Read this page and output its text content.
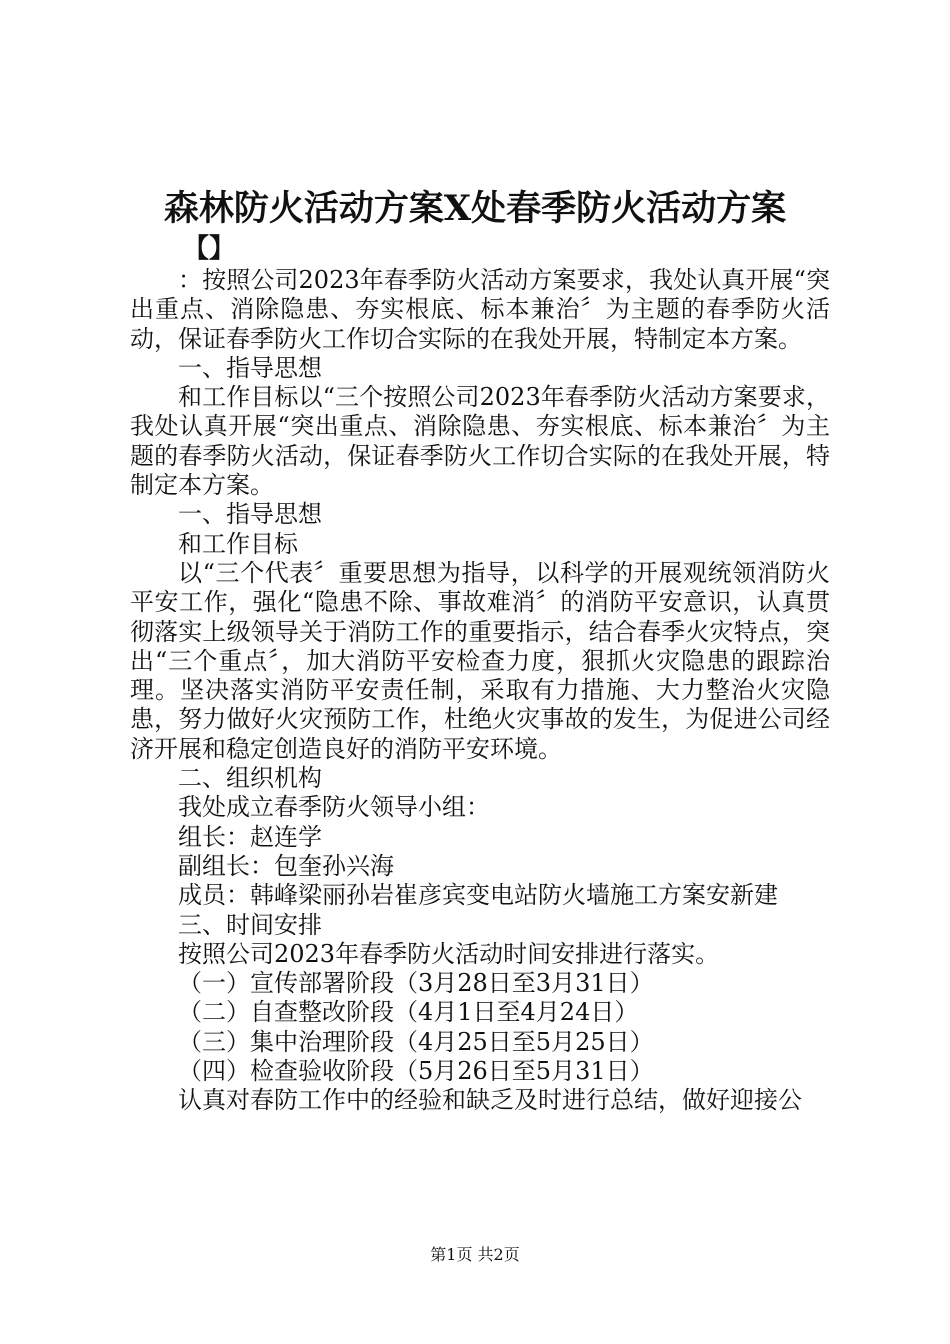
森林防火活动方案X处春季防火活动方案
【】

：按照公司2023年春季防火活动方案要求，我处认真开展“突出重点、消除隐患、夯实根底、标本兼治〞为主题的春季防火活动，保证春季防火工作切合实际的在我处开展，特制定本方案。

一、指导思想

和工作目标以“三个按照公司2023年春季防火活动方案要求，我处认真开展“突出重点、消除隐患、夯实根底、标本兼治〞为主题的春季防火活动，保证春季防火工作切合实际的在我处开展，特制定本方案。

一、指导思想

和工作目标

以“三个代表〞重要思想为指导，以科学的开展观统领消防火平安工作，强化“隐患不除、事故难消〞的消防平安意识，认真贯彻落实上级领导关于消防工作的重要指示，结合春季火灾特点，突出“三个重点〞，加大消防平安检查力度，狠抓火灾隐患的跟踪治理。坚决落实消防平安责任制，采取有力措施、大力整治火灾隐患，努力做好火灾预防工作，杜绝火灾事故的发生，为促进公司经济开展和稳定创造良好的消防平安环境。

二、组织机构

我处成立春季防火领导小组：

组长：赵连学

副组长：包奎孙兴海

成员：韩峰梁丽孙岩崔彦宾变电站防火墙施工方案安新建

三、时间安排

按照公司2023年春季防火活动时间安排进行落实。

（一）宣传部署阶段（3月28日至3月31日）

（二）自查整改阶段（4月1日至4月24日）

（三）集中治理阶段（4月25日至5月25日）

（四）检查验收阶段（5月26日至5月31日）

认真对春防工作中的经验和缺乏及时进行总结，做好迎接公

第1页 共2页
